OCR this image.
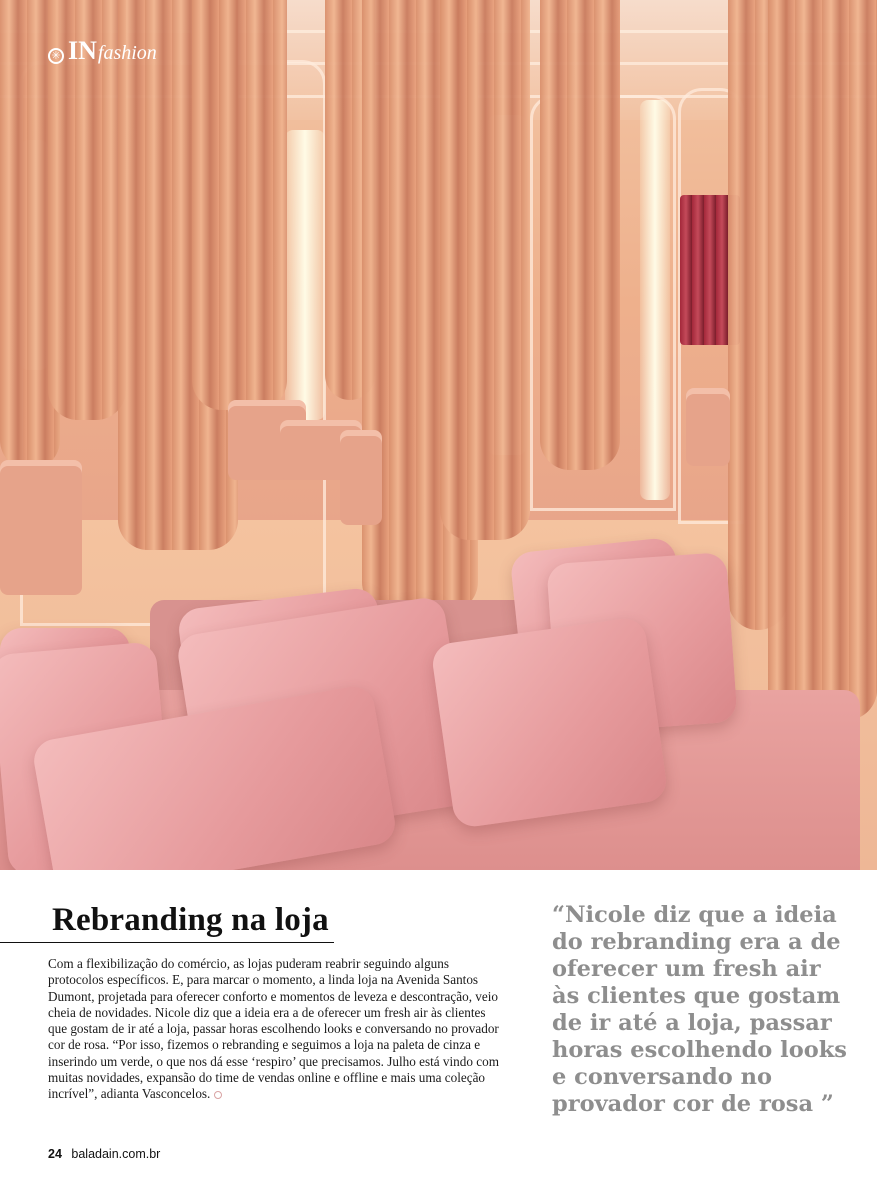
✳ IN fashion
Rebranding na loja

Com a flexibilização do comércio, as lojas puderam reabrir seguindo alguns protocolos específicos. E, para marcar o momento, a linda loja na Avenida Santos Dumont, projetada para oferecer conforto e momentos de leveza e descontração, veio cheia de novidades. Nicole diz que a ideia era a de oferecer um fresh air às clientes que gostam de ir até a loja, passar horas escolhendo looks e conversando no provador cor de rosa. “Por isso, fizemos o rebranding e seguimos a loja na paleta de cinza e inserindo um verde, o que nos dá esse ‘respiro’ que precisamos. Julho está vindo com muitas novidades, expansão do time de vendas online e offline e mais uma coleção incrível”, adianta Vasconcelos.

“Nicole diz que a ideia do rebranding era a de oferecer um fresh air às clientes que gostam de ir até a loja, passar horas escolhendo looks e conversando no provador cor de rosa ”

24 baladain.com.br
